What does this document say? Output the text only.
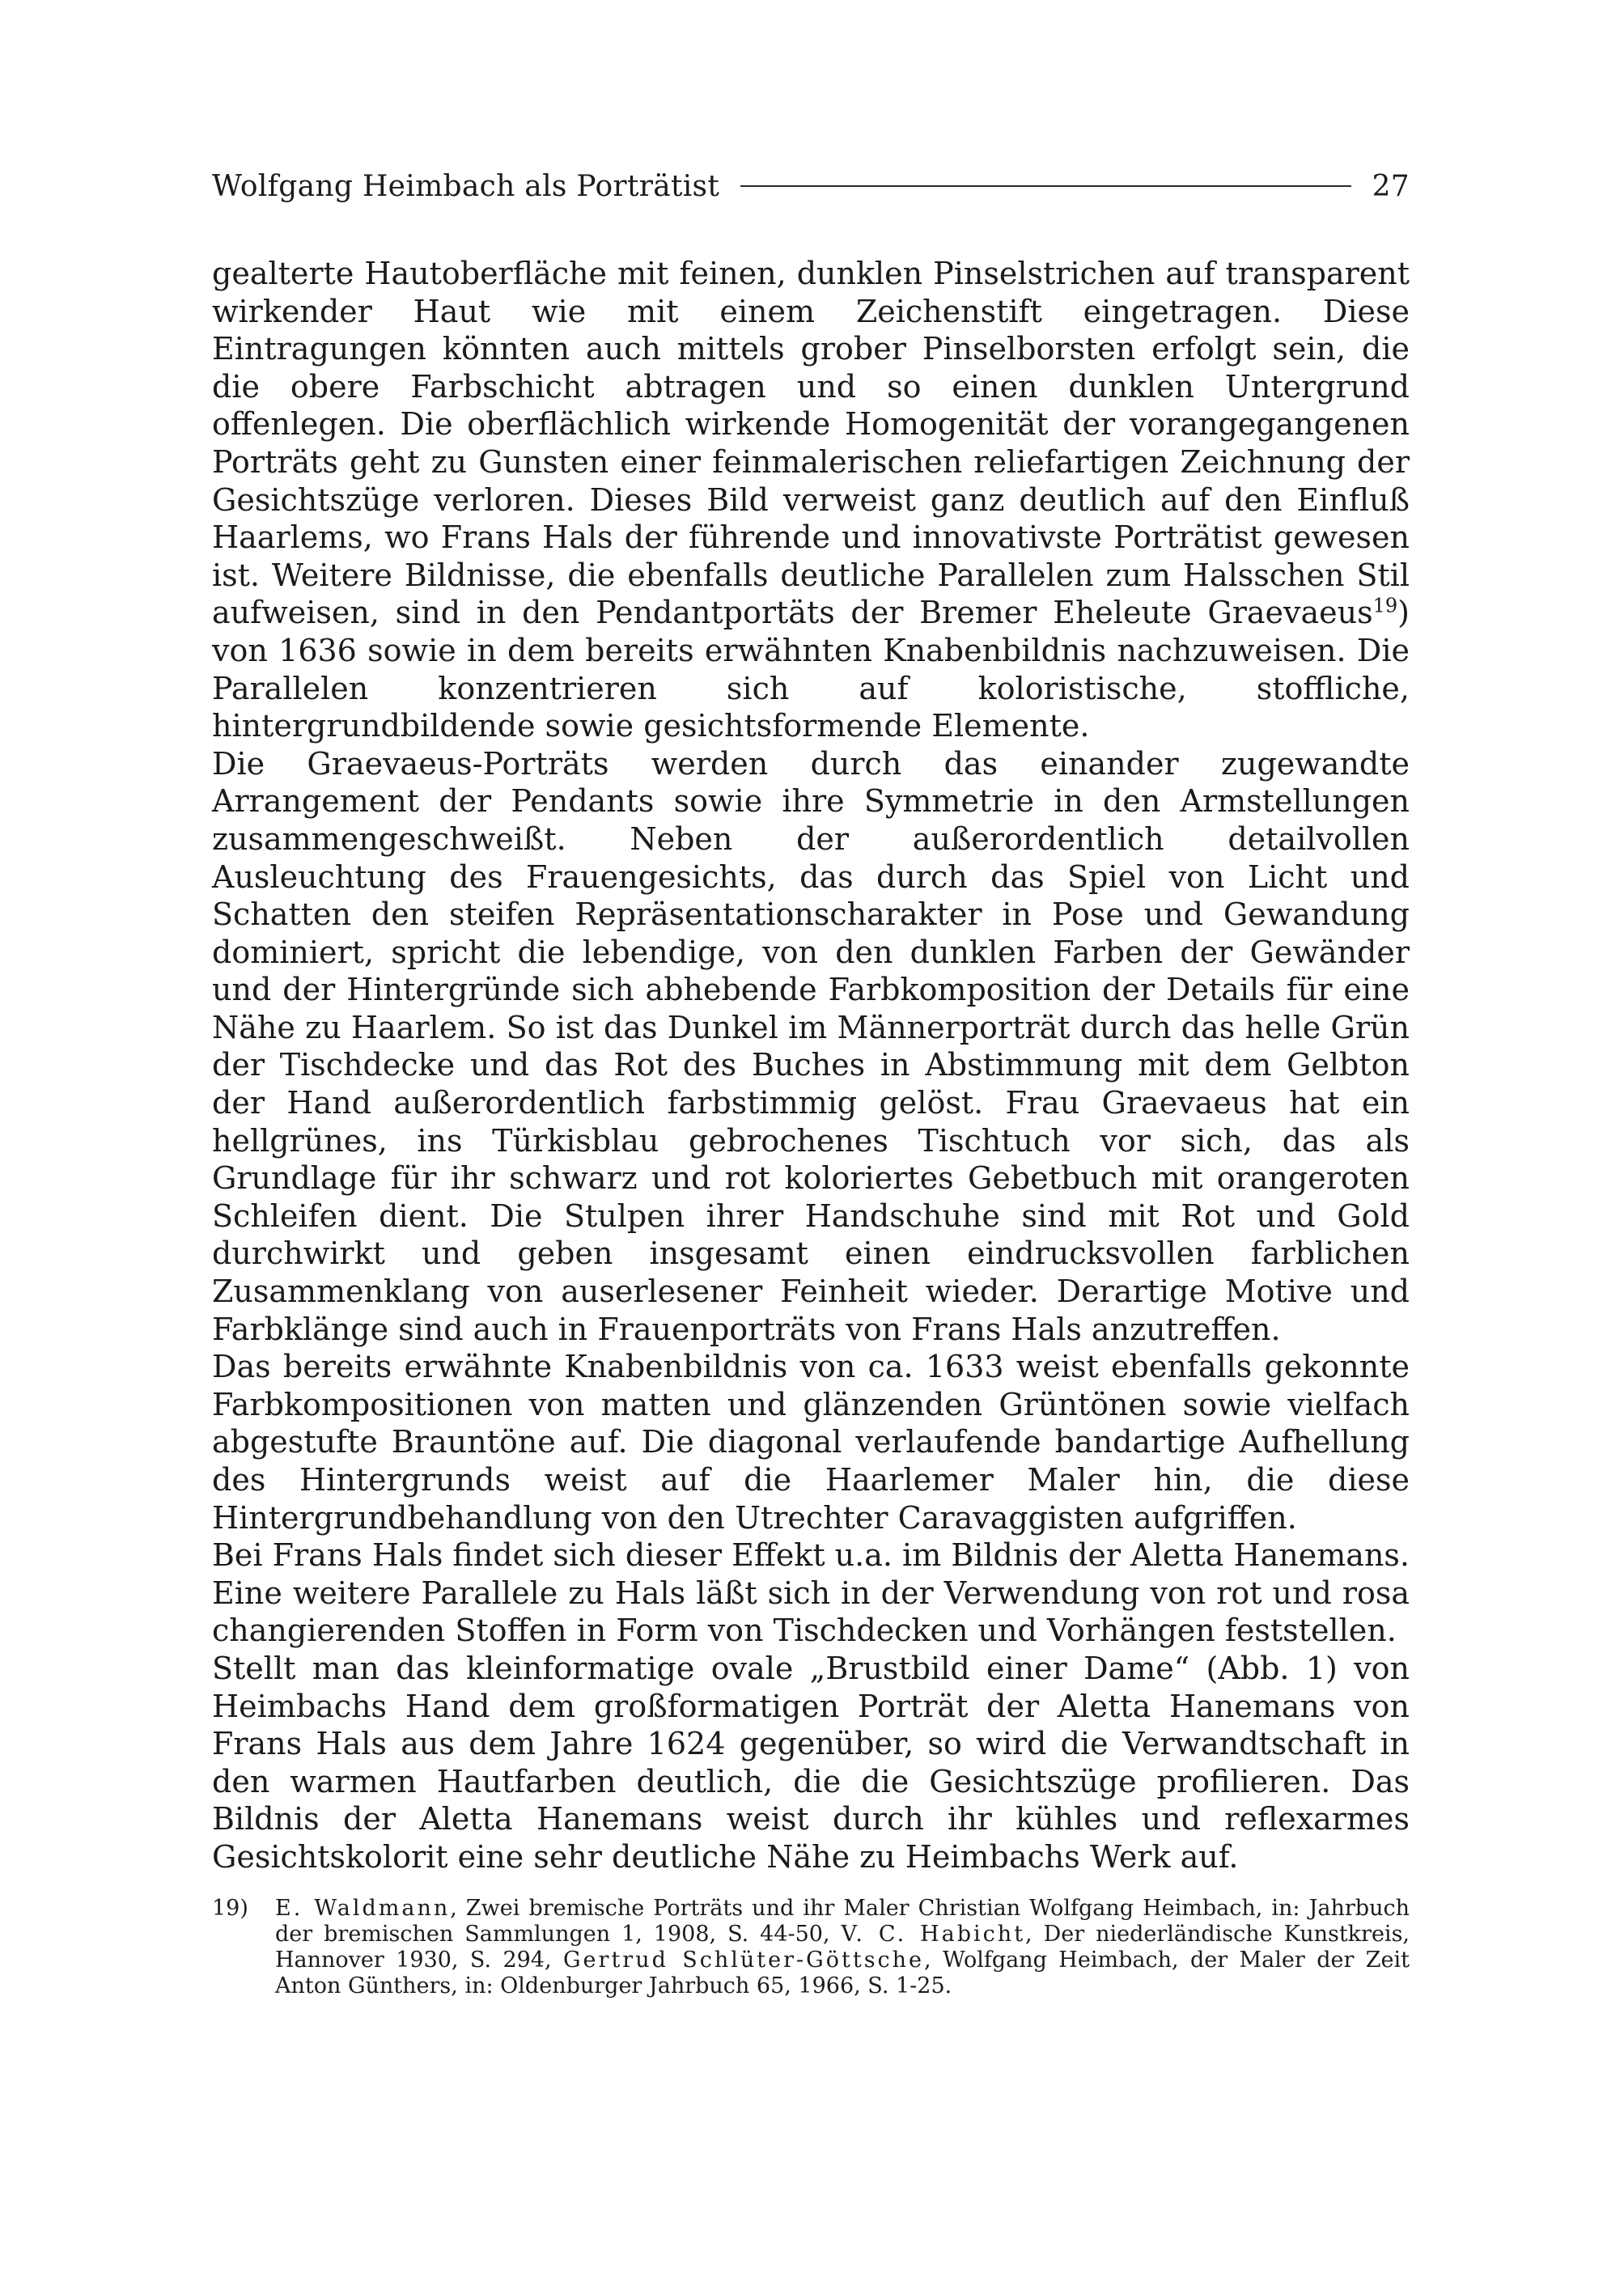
Wolfgang Heimbach als Porträtist	27

gealterte Hautoberfläche mit feinen, dunklen Pinselstrichen auf transparent wirkender Haut wie mit einem Zeichenstift eingetragen. Diese Eintragungen könnten auch mittels grober Pinselborsten erfolgt sein, die die obere Farbschicht abtragen und so einen dunklen Untergrund offenlegen. Die oberflächlich wirkende Homogenität der vorangegangenen Porträts geht zu Gunsten einer feinmalerischen reliefartigen Zeichnung der Gesichtszüge verloren. Dieses Bild verweist ganz deutlich auf den Einfluß Haarlems, wo Frans Hals der führende und innovativste Porträtist gewesen ist. Weitere Bildnisse, die ebenfalls deutliche Parallelen zum Halsschen Stil aufweisen, sind in den Pendantportäts der Bremer Eheleute Graevaeus$^{19}$) von 1636 sowie in dem bereits erwähnten Knabenbildnis nachzuweisen. Die Parallelen konzentrieren sich auf koloristische, stoffliche, hintergrundbildende sowie gesichtsformende Elemente.

Die Graevaeus-Porträts werden durch das einander zugewandte Arrangement der Pendants sowie ihre Symmetrie in den Armstellungen zusammengeschweißt. Neben der außerordentlich detailvollen Ausleuchtung des Frauengesichts, das durch das Spiel von Licht und Schatten den steifen Repräsentationscharakter in Pose und Gewandung dominiert, spricht die lebendige, von den dunklen Farben der Gewänder und der Hintergründe sich abhebende Farbkomposition der Details für eine Nähe zu Haarlem. So ist das Dunkel im Männerporträt durch das helle Grün der Tischdecke und das Rot des Buches in Abstimmung mit dem Gelbton der Hand außerordentlich farbstimmig gelöst. Frau Graevaeus hat ein hellgrünes, ins Türkisblau gebrochenes Tischtuch vor sich, das als Grundlage für ihr schwarz und rot koloriertes Gebetbuch mit orangeroten Schleifen dient. Die Stulpen ihrer Handschuhe sind mit Rot und Gold durchwirkt und geben insgesamt einen eindrucksvollen farblichen Zusammenklang von auserlesener Feinheit wieder. Derartige Motive und Farbklänge sind auch in Frauenporträts von Frans Hals anzutreffen.

Das bereits erwähnte Knabenbildnis von ca. 1633 weist ebenfalls gekonnte Farbkompositionen von matten und glänzenden Grüntönen sowie vielfach abgestufte Brauntöne auf. Die diagonal verlaufende bandartige Aufhellung des Hintergrunds weist auf die Haarlemer Maler hin, die diese Hintergrundbehandlung von den Utrechter Caravaggisten aufgriffen.

Bei Frans Hals findet sich dieser Effekt u.a. im Bildnis der Aletta Hanemans. Eine weitere Parallele zu Hals läßt sich in der Verwendung von rot und rosa changierenden Stoffen in Form von Tischdecken und Vorhängen feststellen.

Stellt man das kleinformatige ovale „Brustbild einer Dame“ (Abb. 1) von Heimbachs Hand dem großformatigen Porträt der Aletta Hanemans von Frans Hals aus dem Jahre 1624 gegenüber, so wird die Verwandtschaft in den warmen Hautfarben deutlich, die die Gesichtszüge profilieren. Das Bildnis der Aletta Hanemans weist durch ihr kühles und reflexarmes Gesichtskolorit eine sehr deutliche Nähe zu Heimbachs Werk auf.

19)	E. Waldmann, Zwei bremische Porträts und ihr Maler Christian Wolfgang Heimbach, in: Jahrbuch der bremischen Sammlungen 1, 1908, S. 44-50, V. C. Habicht, Der niederländische Kunstkreis, Hannover 1930, S. 294, Gertrud Schlüter-Göttsche, Wolfgang Heimbach, der Maler der Zeit Anton Günthers, in: Oldenburger Jahrbuch 65, 1966, S. 1-25.
